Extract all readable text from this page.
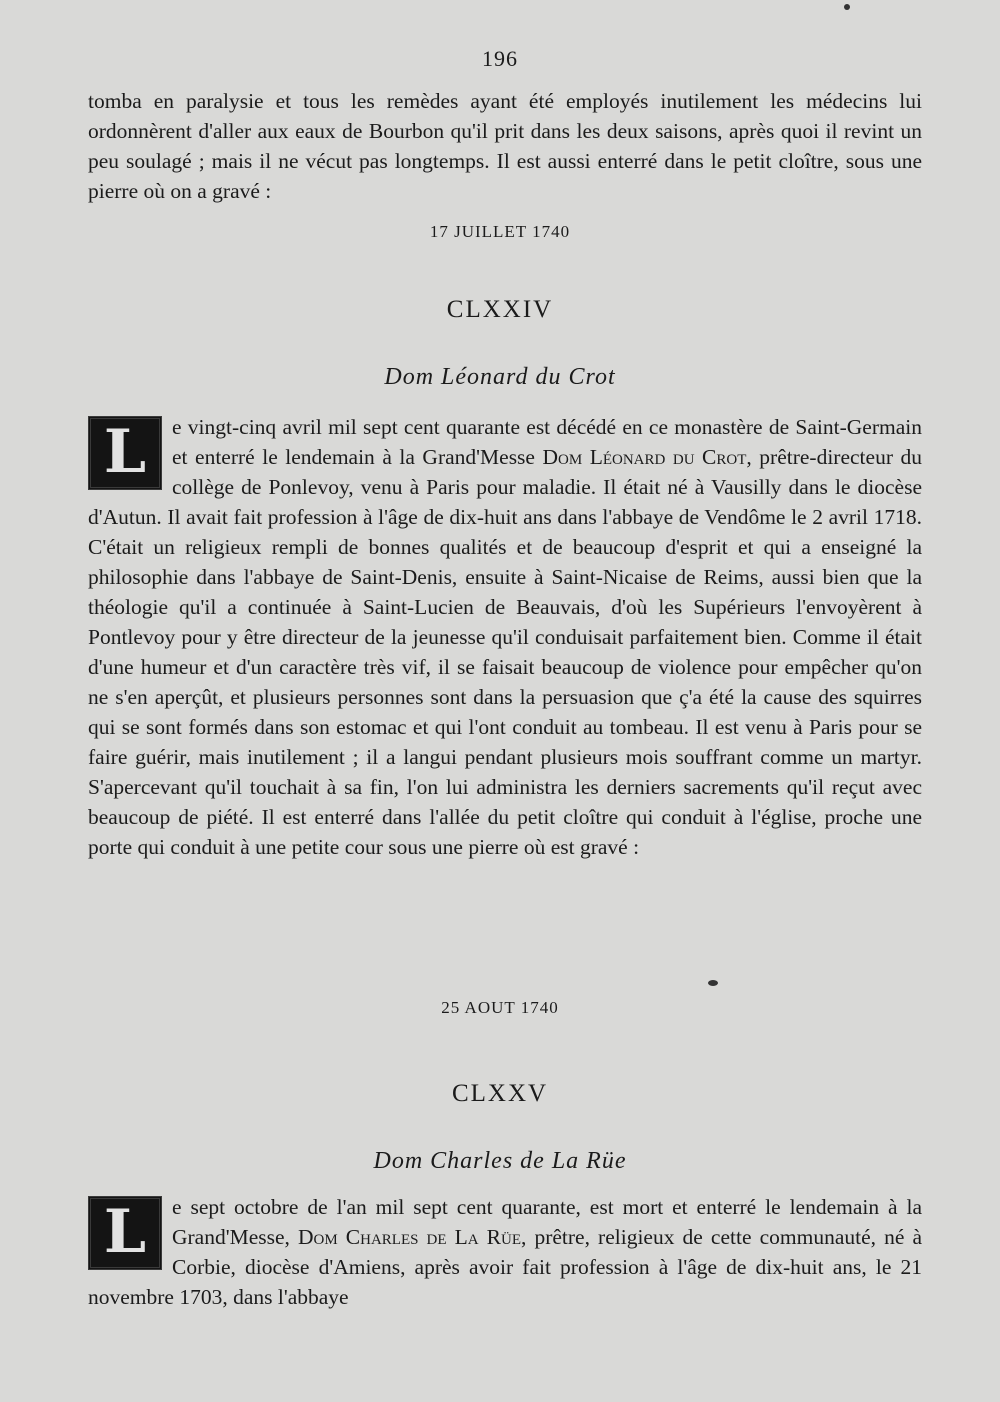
196

tomba en paralysie et tous les remèdes ayant été employés inutilement les médecins lui ordonnèrent d'aller aux eaux de Bourbon qu'il prit dans les deux saisons, après quoi il revint un peu soulagé ; mais il ne vécut pas longtemps. Il est aussi enterré dans le petit cloître, sous une pierre où on a gravé :

17 JUILLET 1740
CLXXIV
Dom Léonard du Crot

L	e vingt-cinq avril mil sept cent quarante est décédé en ce monastère de Saint-Germain et enterré le lendemain à la Grand'Messe Dom Léonard du Crot, prêtre-directeur du collège de Ponlevoy, venu à Paris pour maladie. Il était né à Vausilly dans le diocèse d'Autun. Il avait fait profession à l'âge de dix-huit ans dans l'abbaye de Vendôme le 2 avril 1718. C'était un religieux rempli de bonnes qualités et de beaucoup d'esprit et qui a enseigné la philosophie dans l'abbaye de Saint-Denis, ensuite à Saint-Nicaise de Reims, aussi bien que la théologie qu'il a continuée à Saint-Lucien de Beauvais, d'où les Supérieurs l'envoyèrent à Pontlevoy pour y être directeur de la jeunesse qu'il conduisait parfaitement bien. Comme il était d'une humeur et d'un caractère très vif, il se faisait beaucoup de violence pour empêcher qu'on ne s'en aperçût, et plusieurs personnes sont dans la persuasion que ç'a été la cause des squirres qui se sont formés dans son estomac et qui l'ont conduit au tombeau. Il est venu à Paris pour se faire guérir, mais inutilement ; il a langui pendant plusieurs mois souffrant comme un martyr. S'apercevant qu'il touchait à sa fin, l'on lui administra les derniers sacrements qu'il reçut avec beaucoup de piété. Il est enterré dans l'allée du petit cloître qui conduit à l'église, proche une porte qui conduit à une petite cour sous une pierre où est gravé :

25 AOUT 1740
CLXXV
Dom Charles de La Rüe

L	e sept octobre de l'an mil sept cent quarante, est mort et enterré le lendemain à la Grand'Messe, Dom Charles de La Rüe, prêtre, religieux de cette communauté, né à Corbie, diocèse d'Amiens, après avoir fait profession à l'âge de dix-huit ans, le 21 novembre 1703, dans l'abbaye
